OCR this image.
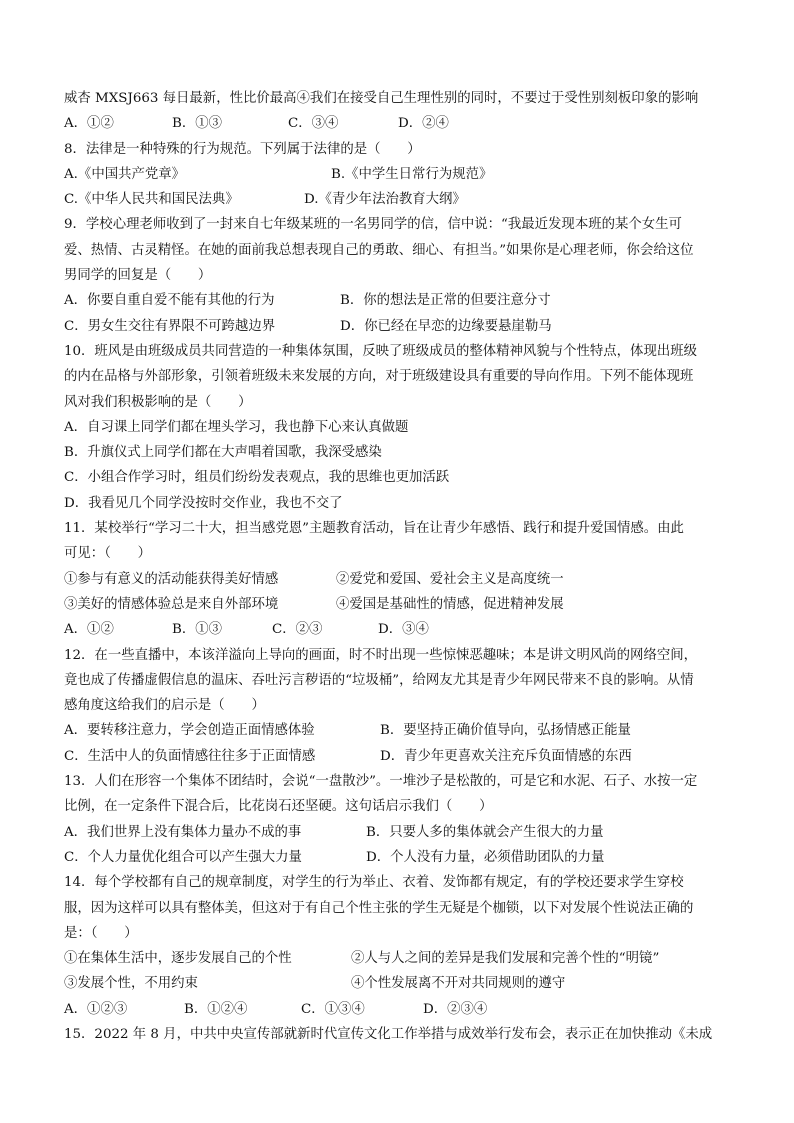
威杏 MXSJ663 每日最新，性比价最高④我们在接受自己生理性别的同时，不要过于受性别刻板印象的影响
A．①②	B．①③	C．③④	D．②④
8．法律是一种特殊的行为规范。下列属于法律的是（　　）
A.《中国共产党章》	B.《中学生日常行为规范》
C.《中华人民共和国民法典》	D.《青少年法治教育大纲》
9．学校心理老师收到了一封来自七年级某班的一名男同学的信，信中说：“我最近发现本班的某个女生可
爱、热情、古灵精怪。在她的面前我总想表现自己的勇敢、细心、有担当。”如果你是心理老师，你会给这位
男同学的回复是（　　）
A．你要自重自爱不能有其他的行为	B．你的想法是正常的但要注意分寸
C．男女生交往有界限不可跨越边界	D．你已经在早恋的边缘要悬崖勒马
10．班风是由班级成员共同营造的一种集体氛围，反映了班级成员的整体精神风貌与个性特点，体现出班级
的内在品格与外部形象，引领着班级未来发展的方向，对于班级建设具有重要的导向作用。下列不能体现班
风对我们积极影响的是（　　）
A．自习课上同学们都在埋头学习，我也静下心来认真做题
B．升旗仪式上同学们都在大声唱着国歌，我深受感染
C．小组合作学习时，组员们纷纷发表观点，我的思维也更加活跃
D．我看见几个同学没按时交作业，我也不交了
11．某校举行“学习二十大，担当感党恩”主题教育活动，旨在让青少年感悟、践行和提升爱国情感。由此
可见：（　　）
①参与有意义的活动能获得美好情感	②爱党和爱国、爱社会主义是高度统一
③美好的情感体验总是来自外部环境	④爱国是基础性的情感，促进精神发展
A．①②	B．①③	C．②③	D．③④
12．在一些直播中，本该洋溢向上导向的画面，时不时出现一些惊悚恶趣味；本是讲文明风尚的网络空间，
竟也成了传播虚假信息的温床、吞吐污言秽语的“垃圾桶”，给网友尤其是青少年网民带来不良的影响。从情
感角度这给我们的启示是（　　）
A．要转移注意力，学会创造正面情感体验	B．要坚持正确价值导向，弘扬情感正能量
C．生活中人的负面情感往往多于正面情感	D．青少年更喜欢关注充斥负面情感的东西
13．人们在形容一个集体不团结时，会说“一盘散沙”。一堆沙子是松散的，可是它和水泥、石子、水按一定
比例，在一定条件下混合后，比花岗石还坚硬。这句话启示我们（　　）
A．我们世界上没有集体力量办不成的事	B．只要人多的集体就会产生很大的力量
C．个人力量优化组合可以产生强大力量	D．个人没有力量，必须借助团队的力量
14．每个学校都有自己的规章制度，对学生的行为举止、衣着、发饰都有规定，有的学校还要求学生穿校
服，因为这样可以具有整体美，但这对于有自己个性主张的学生无疑是个枷锁，以下对发展个性说法正确的
是：（　　）
①在集体生活中，逐步发展自己的个性	②人与人之间的差异是我们发展和完善个性的“明镜”
③发展个性，不用约束	④个性发展离不开对共同规则的遵守
A．①②③	B．①②④	C．①③④	D．②③④
15．2022 年 8 月，中共中央宣传部就新时代宣传文化工作举措与成效举行发布会，表示正在加快推动《未成
